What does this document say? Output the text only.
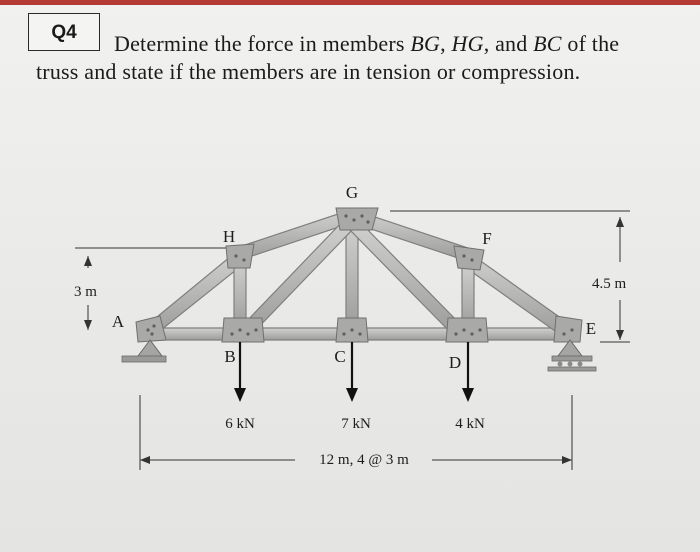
Q4	Determine the force in members BG, HG, and BC of the truss and state if the members are in tension or compression.
G
H	F
A	E
B	C	D
3 m	4.5 m
12 m, 4 @ 3 m
6 kN	7 kN	4 kN
